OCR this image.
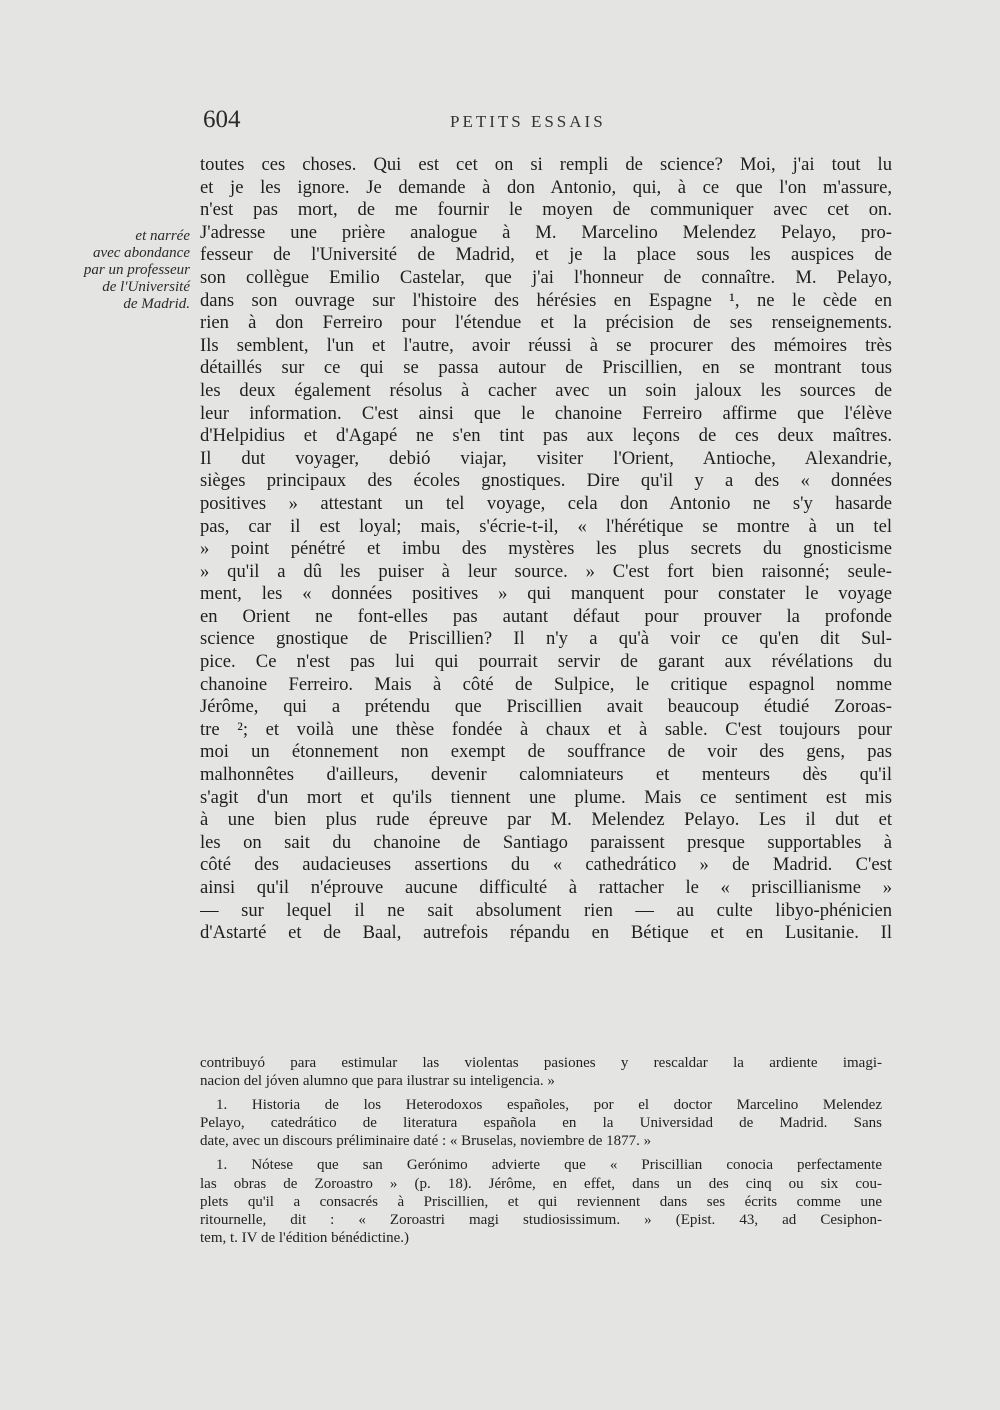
604	PETITS ESSAIS
et narrée
avec abondance
par un professeur
de l'Université
de Madrid.
toutes ces choses. Qui est cet on si rempli de science? Moi, j'ai tout lu
et je les ignore. Je demande à don Antonio, qui, à ce que l'on m'assure,
n'est pas mort, de me fournir le moyen de communiquer avec cet on.
J'adresse une prière analogue à M. Marcelino Melendez Pelayo, pro-
fesseur de l'Université de Madrid, et je la place sous les auspices de
son collègue Emilio Castelar, que j'ai l'honneur de connaître. M. Pelayo,
dans son ouvrage sur l'histoire des hérésies en Espagne ¹, ne le cède en
rien à don Ferreiro pour l'étendue et la précision de ses renseignements.
Ils semblent, l'un et l'autre, avoir réussi à se procurer des mémoires très
détaillés sur ce qui se passa autour de Priscillien, en se montrant tous
les deux également résolus à cacher avec un soin jaloux les sources de
leur information. C'est ainsi que le chanoine Ferreiro affirme que l'élève
d'Helpidius et d'Agapé ne s'en tint pas aux leçons de ces deux maîtres.
Il dut voyager, debió viajar, visiter l'Orient, Antioche, Alexandrie,
sièges principaux des écoles gnostiques. Dire qu'il y a des « données
positives » attestant un tel voyage, cela don Antonio ne s'y hasarde
pas, car il est loyal; mais, s'écrie-t-il, « l'hérétique se montre à un tel
» point pénétré et imbu des mystères les plus secrets du gnosticisme
» qu'il a dû les puiser à leur source. » C'est fort bien raisonné; seule-
ment, les « données positives » qui manquent pour constater le voyage
en Orient ne font-elles pas autant défaut pour prouver la profonde
science gnostique de Priscillien? Il n'y a qu'à voir ce qu'en dit Sul-
pice. Ce n'est pas lui qui pourrait servir de garant aux révélations du
chanoine Ferreiro. Mais à côté de Sulpice, le critique espagnol nomme
Jérôme, qui a prétendu que Priscillien avait beaucoup étudié Zoroas-
tre ²; et voilà une thèse fondée à chaux et à sable. C'est toujours pour
moi un étonnement non exempt de souffrance de voir des gens, pas
malhonnêtes d'ailleurs, devenir calomniateurs et menteurs dès qu'il
s'agit d'un mort et qu'ils tiennent une plume. Mais ce sentiment est mis
à une bien plus rude épreuve par M. Melendez Pelayo. Les il dut et
les on sait du chanoine de Santiago paraissent presque supportables à
côté des audacieuses assertions du « cathedrático » de Madrid. C'est
ainsi qu'il n'éprouve aucune difficulté à rattacher le « priscillianisme »
— sur lequel il ne sait absolument rien — au culte libyo-phénicien
d'Astarté et de Baal, autrefois répandu en Bétique et en Lusitanie. Il
contribuyó para estimular las violentas pasiones y rescaldar la ardiente imagi-
nacion del jóven alumno que para ilustrar su inteligencia. »
1. Historia de los Heterodoxos españoles, por el doctor Marcelino Melendez
Pelayo, catedrático de literatura española en la Universidad de Madrid. Sans
date, avec un discours préliminaire daté : « Bruselas, noviembre de 1877. »
1. Nótese que san Gerónimo advierte que « Priscillian conocia perfectamente
las obras de Zoroastro » (p. 18). Jérôme, en effet, dans un des cinq ou six cou-
plets qu'il a consacrés à Priscillien, et qui reviennent dans ses écrits comme une
ritournelle, dit : « Zoroastri magi studiosissimum. » (Epist. 43, ad Cesiphon-
tem, t. IV de l'édition bénédictine.)
